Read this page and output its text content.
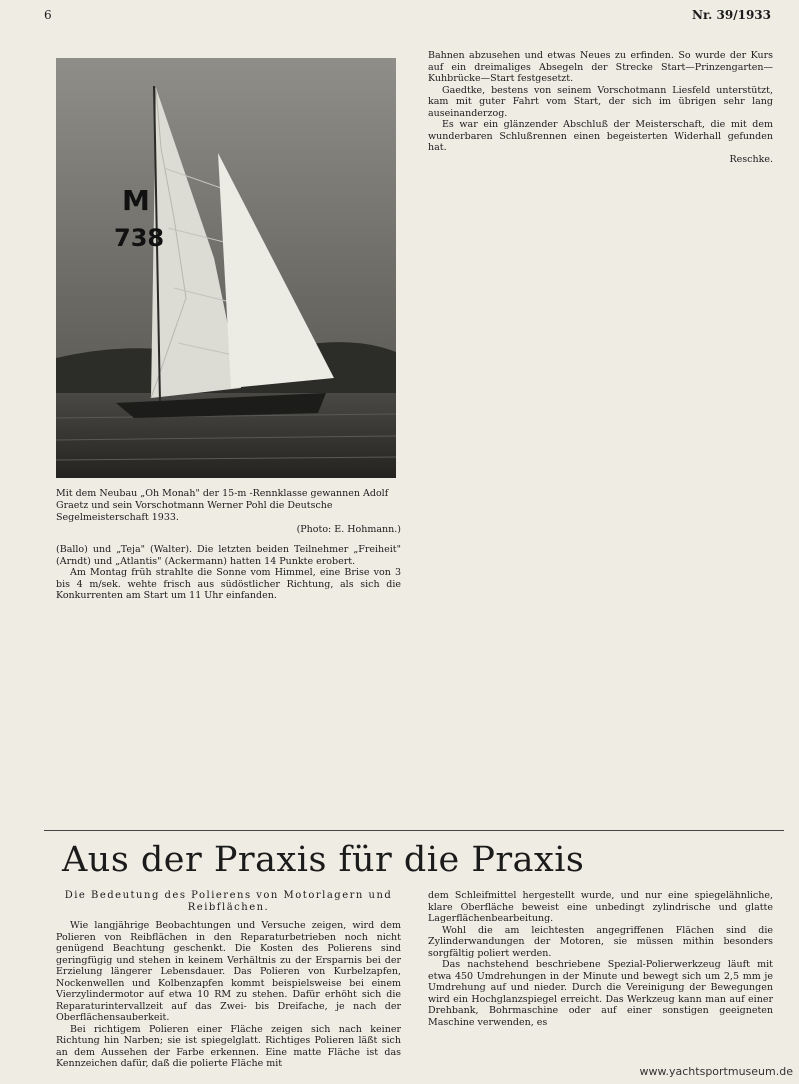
6	Nr. 39/1933
M
738
Mit dem Neubau „Oh Monah" der 15-m -Rennklasse gewannen Adolf Graetz und sein Vorschotmann Werner Pohl die Deutsche Segelmeisterschaft 1933.
(Photo: E. Hohmann.)

(Ballo) und „Teja" (Walter). Die letzten beiden Teilnehmer „Freiheit" (Arndt) und „Atlantis" (Ackermann) hatten 14 Punkte erobert.

Am Montag früh strahlte die Sonne vom Himmel, eine Brise von 3 bis 4 m/sek. wehte frisch aus südöstlicher Richtung, als sich die Konkurrenten am Start um 11 Uhr einfanden.

Bahnen abzusehen und etwas Neues zu erfinden. So wurde der Kurs auf ein dreimaliges Absegeln der Strecke Start—Prinzengarten—Kuhbrücke—Start festgesetzt.

Gaedtke, bestens von seinem Vorschotmann Liesfeld unterstützt, kam mit guter Fahrt vom Start, der sich im übrigen sehr lang auseinanderzog.

Es war ein glänzender Abschluß der Meisterschaft, die mit dem wunderbaren Schlußrennen einen begeisterten Widerhall gefunden hat.

Reschke.
Aus der Praxis für die Praxis
Die Bedeutung des Polierens von Motorlagern und Reibflächen.

Wie langjährige Beobachtungen und Versuche zeigen, wird dem Polieren von Reibflächen in den Reparaturbetrieben noch nicht genügend Beachtung geschenkt. Die Kosten des Polierens sind geringfügig und stehen in keinem Verhältnis zu der Ersparnis bei der Erzielung längerer Lebensdauer. Das Polieren von Kurbelzapfen, Nockenwellen und Kolbenzapfen kommt beispielsweise bei einem Vierzylindermotor auf etwa 10 RM zu stehen. Dafür erhöht sich die Reparaturintervallzeit auf das Zwei- bis Dreifache, je nach der Oberflächensauberkeit.

Bei richtigem Polieren einer Fläche zeigen sich nach keiner Richtung hin Narben; sie ist spiegelglatt. Richtiges Polieren läßt sich an dem Aussehen der Farbe erkennen. Eine matte Fläche ist das Kennzeichen dafür, daß die polierte Fläche mit

dem Schleifmittel hergestellt wurde, und nur eine spiegelähnliche, klare Oberfläche beweist eine unbedingt zylindrische und glatte Lagerflächenbearbeitung.

Wohl die am leichtesten angegriffenen Flächen sind die Zylinderwandungen der Motoren, sie müssen mithin besonders sorgfältig poliert werden.

Das nachstehend beschriebene Spezial-Polierwerkzeug läuft mit etwa 450 Umdrehungen in der Minute und bewegt sich um 2,5 mm je Umdrehung auf und nieder. Durch die Vereinigung der Bewegungen wird ein Hochglanzspiegel erreicht. Das Werkzeug kann man auf einer Drehbank, Bohrmaschine oder auf einer sonstigen geeigneten Maschine verwenden, es

www.yachtsportmuseum.de
